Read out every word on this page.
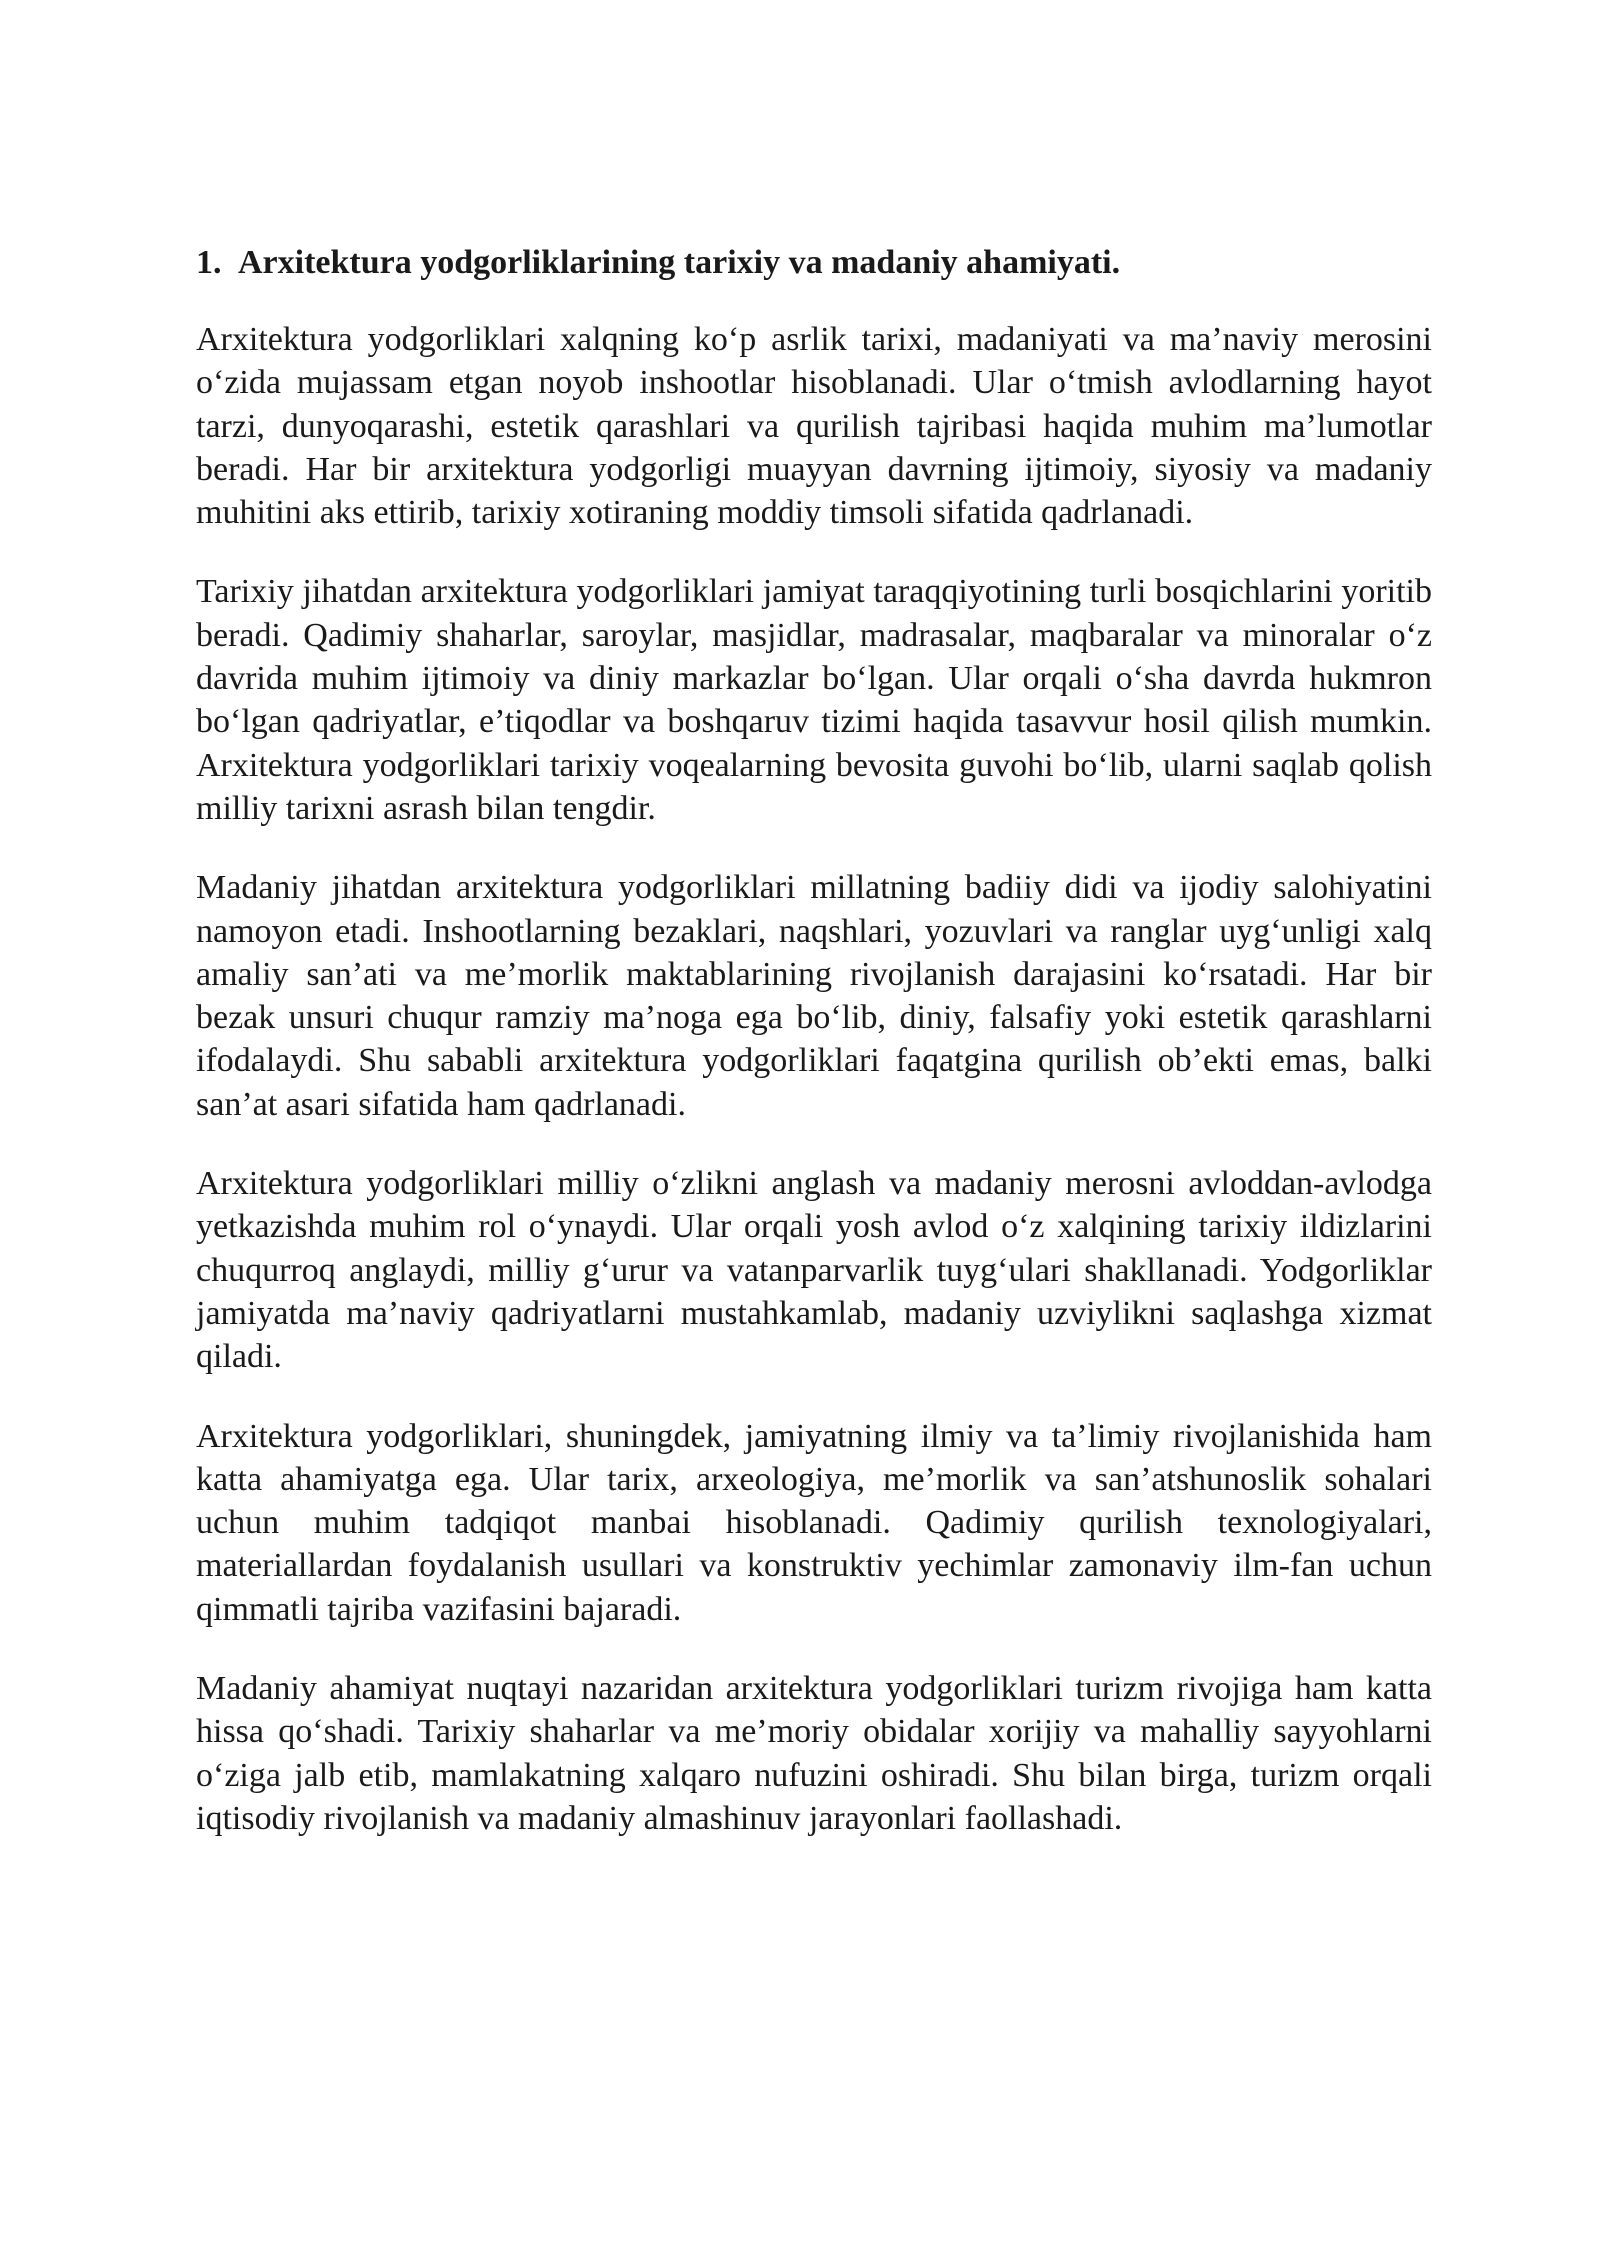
1. Arxitektura yodgorliklarining tarixiy va madaniy ahamiyati.

Arxitektura yodgorliklari xalqning ko‘p asrlik tarixi, madaniyati va ma’naviy merosini o‘zida mujassam etgan noyob inshootlar hisoblanadi. Ular o‘tmish avlodlarning hayot tarzi, dunyoqarashi, estetik qarashlari va qurilish tajribasi haqida muhim ma’lumotlar beradi. Har bir arxitektura yodgorligi muayyan davrning ijtimoiy, siyosiy va madaniy muhitini aks ettirib, tarixiy xotiraning moddiy timsoli sifatida qadrlanadi.

Tarixiy jihatdan arxitektura yodgorliklari jamiyat taraqqiyotining turli bosqichlarini yoritib beradi. Qadimiy shaharlar, saroylar, masjidlar, madrasalar, maqbaralar va minoralar o‘z davrida muhim ijtimoiy va diniy markazlar bo‘lgan. Ular orqali o‘sha davrda hukmron bo‘lgan qadriyatlar, e’tiqodlar va boshqaruv tizimi haqida tasavvur hosil qilish mumkin. Arxitektura yodgorliklari tarixiy voqealarning bevosita guvohi bo‘lib, ularni saqlab qolish milliy tarixni asrash bilan tengdir.

Madaniy jihatdan arxitektura yodgorliklari millatning badiiy didi va ijodiy salohiyatini namoyon etadi. Inshootlarning bezaklari, naqshlari, yozuvlari va ranglar uyg‘unligi xalq amaliy san’ati va me’morlik maktablarining rivojlanish darajasini ko‘rsatadi. Har bir bezak unsuri chuqur ramziy ma’noga ega bo‘lib, diniy, falsafiy yoki estetik qarashlarni ifodalaydi. Shu sababli arxitektura yodgorliklari faqatgina qurilish ob’ekti emas, balki san’at asari sifatida ham qadrlanadi.

Arxitektura yodgorliklari milliy o‘zlikni anglash va madaniy merosni avloddan-avlodga yetkazishda muhim rol o‘ynaydi. Ular orqali yosh avlod o‘z xalqining tarixiy ildizlarini chuqurroq anglaydi, milliy g‘urur va vatanparvarlik tuyg‘ulari shakllanadi. Yodgorliklar jamiyatda ma’naviy qadriyatlarni mustahkamlab, madaniy uzviylikni saqlashga xizmat qiladi.

Arxitektura yodgorliklari, shuningdek, jamiyatning ilmiy va ta’limiy rivojlanishida ham katta ahamiyatga ega. Ular tarix, arxeologiya, me’morlik va san’atshunoslik sohalari uchun muhim tadqiqot manbai hisoblanadi. Qadimiy qurilish texnologiyalari, materiallardan foydalanish usullari va konstruktiv yechimlar zamonaviy ilm-fan uchun qimmatli tajriba vazifasini bajaradi.

Madaniy ahamiyat nuqtayi nazaridan arxitektura yodgorliklari turizm rivojiga ham katta hissa qo‘shadi. Tarixiy shaharlar va me’moriy obidalar xorijiy va mahalliy sayyohlarni o‘ziga jalb etib, mamlakatning xalqaro nufuzini oshiradi. Shu bilan birga, turizm orqali iqtisodiy rivojlanish va madaniy almashinuv jarayonlari faollashadi.
